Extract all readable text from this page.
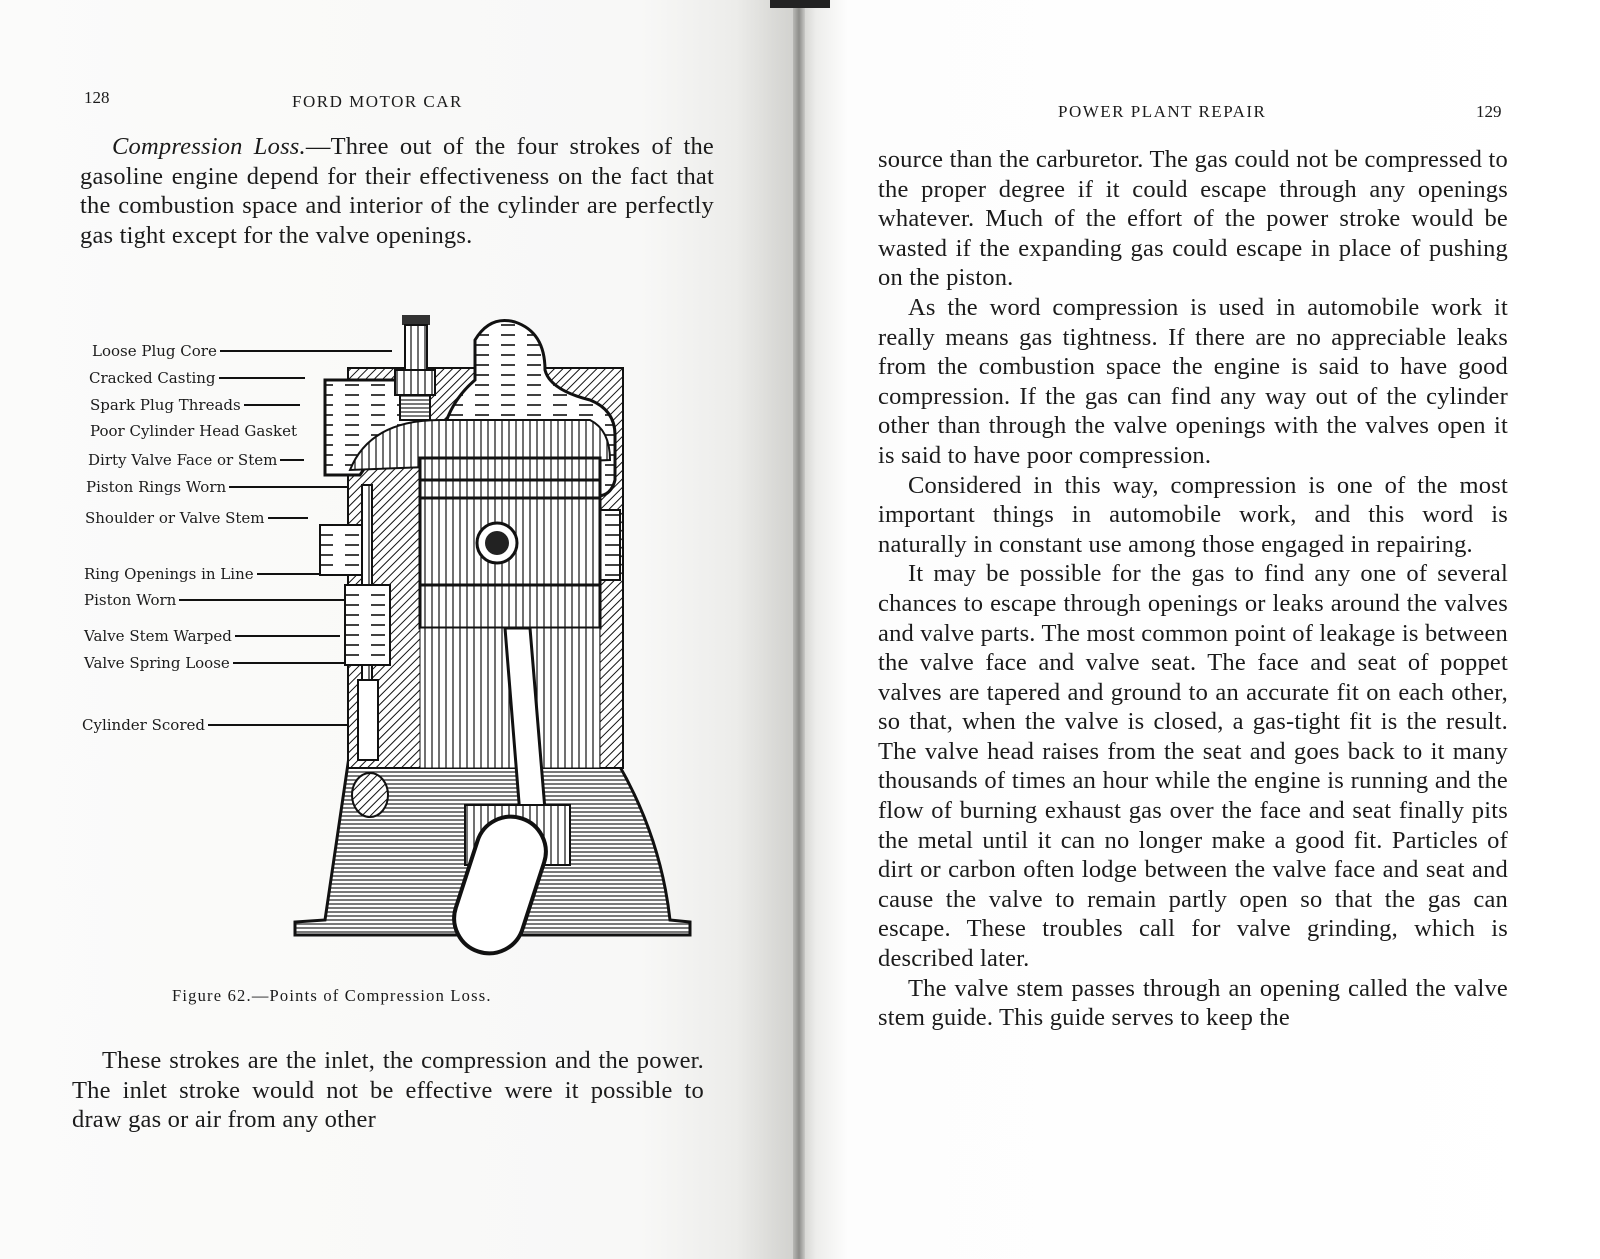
128	FORD MOTOR CAR

Compression Loss.—Three out of the four strokes of the gasoline engine depend for their effectiveness on the fact that the combustion space and interior of the cylinder are perfectly gas tight except for the valve openings.

Loose Plug Core
Cracked Casting
Spark Plug Threads
Poor Cylinder Head Gasket
Dirty Valve Face or Stem
Piston Rings Worn
Shoulder or Valve Stem
Ring Openings in Line
Piston Worn
Valve Stem Warped
Valve Spring Loose
Cylinder Scored
Figure 62.—Points of Compression Loss.

These strokes are the inlet, the compression and the power. The inlet stroke would not be effective were it possible to draw gas or air from any other

POWER PLANT REPAIR	129

source than the carburetor. The gas could not be compressed to the proper degree if it could escape through any openings whatever. Much of the effort of the power stroke would be wasted if the expanding gas could escape in place of pushing on the piston.

As the word compression is used in automobile work it really means gas tightness. If there are no appreciable leaks from the combustion space the engine is said to have good compression. If the gas can find any way out of the cylinder other than through the valve openings with the valves open it is said to have poor compression.

Considered in this way, compression is one of the most important things in automobile work, and this word is naturally in constant use among those engaged in repairing.

It may be possible for the gas to find any one of several chances to escape through openings or leaks around the valves and valve parts. The most common point of leakage is between the valve face and valve seat. The face and seat of poppet valves are tapered and ground to an accurate fit on each other, so that, when the valve is closed, a gas-tight fit is the result. The valve head raises from the seat and goes back to it many thousands of times an hour while the engine is running and the flow of burning exhaust gas over the face and seat finally pits the metal until it can no longer make a good fit. Particles of dirt or carbon often lodge between the valve face and seat and cause the valve to remain partly open so that the gas can escape. These troubles call for valve grinding, which is described later.

The valve stem passes through an opening called the valve stem guide. This guide serves to keep the
